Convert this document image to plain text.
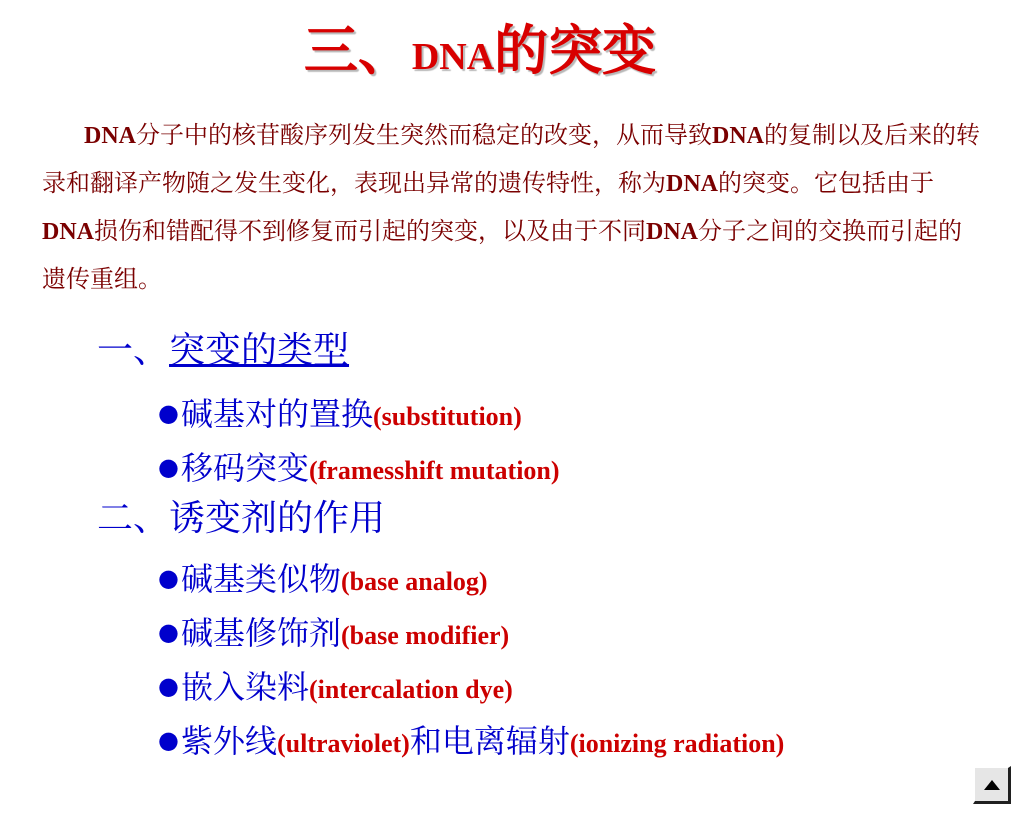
三、DNA的突变

DNA分子中的核苷酸序列发生突然而稳定的改变，从而导致DNA的复制以及后来的转录和翻译产物随之发生变化，表现出异常的遗传特性，称为DNA的突变。它包括由于DNA损伤和错配得不到修复而引起的突变，以及由于不同DNA分子之间的交换而引起的遗传重组。

一、突变的类型
●碱基对的置换(substitution)
●移码突变(framesshift mutation)
二、诱变剂的作用
●碱基类似物(base analog)
●碱基修饰剂(base modifier)
●嵌入染料(intercalation dye)
●紫外线(ultraviolet)和电离辐射(ionizing radiation)
